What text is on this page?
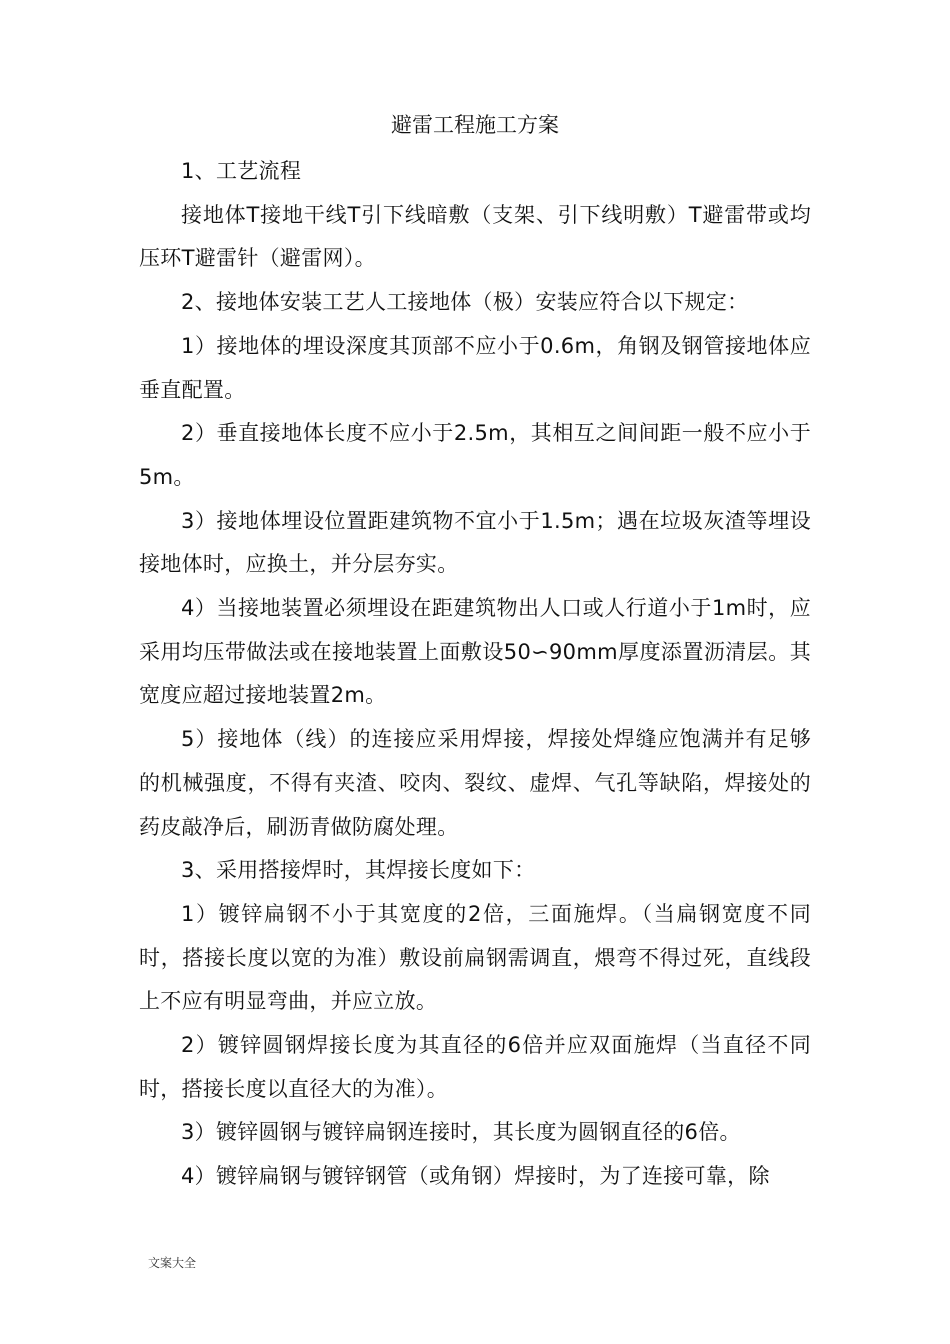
避雷工程施工方案

1、工艺流程

接地体T接地干线T引下线暗敷（支架、引下线明敷）T避雷带或均压环T避雷针（避雷网）。

2、接地体安装工艺人工接地体（极）安装应符合以下规定：

1）接地体的埋设深度其顶部不应小于0.6m，角钢及钢管接地体应垂直配置。

2）垂直接地体长度不应小于2.5m，其相互之间间距一般不应小于5m。

3）接地体埋设位置距建筑物不宜小于1.5m；遇在垃圾灰渣等埋设接地体时，应换土，并分层夯实。

4）当接地装置必须埋设在距建筑物出人口或人行道小于1m时，应采用均压带做法或在接地装置上面敷设50∽90mm厚度添置沥清层。其宽度应超过接地装置2m。

5）接地体（线）的连接应采用焊接，焊接处焊缝应饱满并有足够的机械强度，不得有夹渣、咬肉、裂纹、虚焊、气孔等缺陷，焊接处的药皮敲净后，刷沥青做防腐处理。

3、采用搭接焊时，其焊接长度如下：

1）镀锌扁钢不小于其宽度的2倍，三面施焊。（当扁钢宽度不同时，搭接长度以宽的为准）敷设前扁钢需调直，煨弯不得过死，直线段上不应有明显弯曲，并应立放。

2）镀锌圆钢焊接长度为其直径的6倍并应双面施焊（当直径不同时，搭接长度以直径大的为准）。

3）镀锌圆钢与镀锌扁钢连接时，其长度为圆钢直径的6倍。

4）镀锌扁钢与镀锌钢管（或角钢）焊接时，为了连接可靠，除

文案大全
